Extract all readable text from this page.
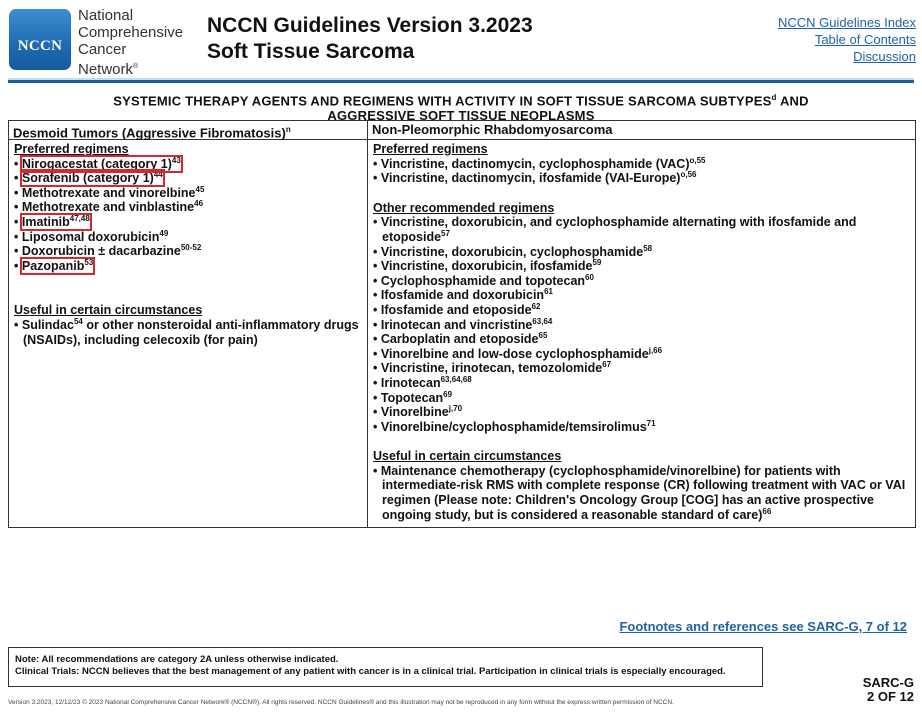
NCCN
National
Comprehensive
Cancer
Network®
NCCN Guidelines Version 3.2023
Soft Tissue Sarcoma
NCCN Guidelines Index
Table of Contents
Discussion
SYSTEMIC THERAPY AGENTS AND REGIMENS WITH ACTIVITY IN SOFT TISSUE SARCOMA SUBTYPES$^d$ AND
AGGRESSIVE SOFT TISSUE NEOPLASMS
Desmoid Tumors (Aggressive Fibromatosis)$^n$
Preferred regimens
• Nirogacestat (category 1)$^{43}$
• Sorafenib (category 1)$^{44}$
• Methotrexate and vinorelbine$^{45}$
• Methotrexate and vinblastine$^{46}$
• Imatinib$^{47,48}$
• Liposomal doxorubicin$^{49}$
• Doxorubicin ± dacarbazine$^{50-52}$
• Pazopanib$^{53}$
Useful in certain circumstances
• Sulindac$^{54}$ or other nonsteroidal anti-inflammatory drugs (NSAIDs), including celecoxib (for pain)
Non-Pleomorphic Rhabdomyosarcoma
Preferred regimens
• Vincristine, dactinomycin, cyclophosphamide (VAC)$^{o,55}$
• Vincristine, dactinomycin, ifosfamide (VAI-Europe)$^{o,56}$
Other recommended regimens
• Vincristine, doxorubicin, and cyclophosphamide alternating with ifosfamide and etoposide$^{57}$
• Vincristine, doxorubicin, cyclophosphamide$^{58}$
• Vincristine, doxorubicin, ifosfamide$^{59}$
• Cyclophosphamide and topotecan$^{60}$
• Ifosfamide and doxorubicin$^{61}$
• Ifosfamide and etoposide$^{62}$
• Irinotecan and vincristine$^{63,64}$
• Carboplatin and etoposide$^{65}$
• Vinorelbine and low-dose cyclophosphamide$^{j,66}$
• Vincristine, irinotecan, temozolomide$^{67}$
• Irinotecan$^{63,64,68}$
• Topotecan$^{69}$
• Vinorelbine$^{j,70}$
• Vinorelbine/cyclophosphamide/temsirolimus$^{71}$
Useful in certain circumstances
• Maintenance chemotherapy (cyclophosphamide/vinorelbine) for patients with intermediate-risk RMS with complete response (CR) following treatment with VAC or VAI regimen (Please note: Children's Oncology Group [COG] has an active prospective ongoing study, but is considered a reasonable standard of care)$^{66}$
Footnotes and references see SARC-G, 7 of 12
Note: All recommendations are category 2A unless otherwise indicated.
Clinical Trials: NCCN believes that the best management of any patient with cancer is in a clinical trial. Participation in clinical trials is especially encouraged.
SARC-G
2 OF 12
Version 3.2023, 12/12/23 © 2023 National Comprehensive Cancer Network® (NCCN®), All rights reserved. NCCN Guidelines® and this illustration may not be reproduced in any form without the express written permission of NCCN.
